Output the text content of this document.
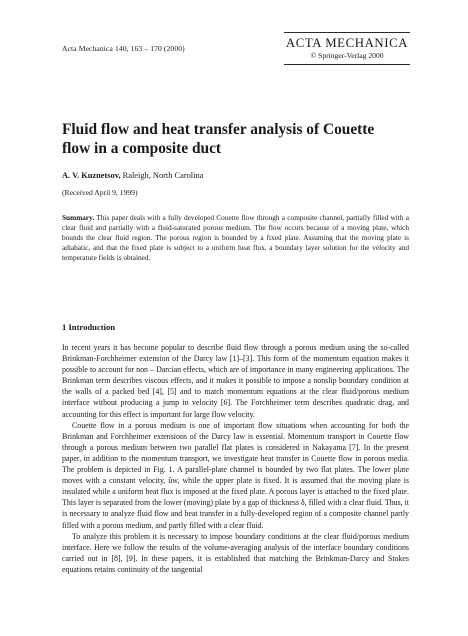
Acta Mechanica 140, 163 – 170 (2000)	ACTA MECHANICA
© Springer-Verlag 2000
Fluid flow and heat transfer analysis of Couette flow in a composite duct
A. V. Kuznetsov, Raleigh, North Carolina
(Received April 9, 1999)
Summary. This paper deals with a fully developed Couette flow through a composite channel, partially filled with a clear fluid and partially with a fluid-saturated porous medium. The flow occurs because of a moving plate, which bounds the clear fluid region. The porous region is bounded by a fixed plate. Assuming that the moving plate is adiabatic, and that the fixed plate is subject to a uniform heat flux, a boundary layer solution for the velocity and temperature fields is obtained.
1 Introduction

In recent years it has become popular to describe fluid flow through a porous medium using the so-called Brinkman-Forchheimer extension of the Darcy law [1]–[3]. This form of the momentum equation makes it possible to account for non – Darcian effects, which are of importance in many engineering applications. The Brinkman term describes viscous effects, and it makes it possible to impose a nonslip boundary condition at the walls of a packed bed [4], [5] and to match momentum equations at the clear fluid/porous medium interface without producing a jump in velocity [6]. The Forchheimer term describes quadratic drag, and accounting for this effect is important for large flow velocity.

Couette flow in a porous medium is one of important flow situations when accounting for both the Brinkman and Forchheimer extensions of the Darcy law is essential. Momentum transport in Couette flow through a porous medium between two parallel flat plates is considered in Nakayama [7]. In the present paper, in addition to the momentum transport, we investigate heat transfer in Couette flow in porous media. The problem is depicted in Fig. 1. A parallel-plate channel is bounded by two flat plates. The lower plate moves with a constant velocity, ũw, while the upper plate is fixed. It is assumed that the moving plate is insulated while a uniform heat flux is imposed at the fixed plate. A porous layer is attached to the fixed plate. This layer is separated from the lower (moving) plate by a gap of thickness δ, filled with a clear fluid. Thus, it is necessary to analyze fluid flow and heat transfer in a fully-developed region of a composite channel partly filled with a porous medium, and partly filled with a clear fluid.

To analyze this problem it is necessary to impose boundary conditions at the clear fluid/porous medium interface. Here we follow the results of the volume-averaging analysis of the interface boundary conditions carried out in [8], [9]. In these papers, it is established that matching the Brinkman-Darcy and Stokes equations retains continuity of the tangential
